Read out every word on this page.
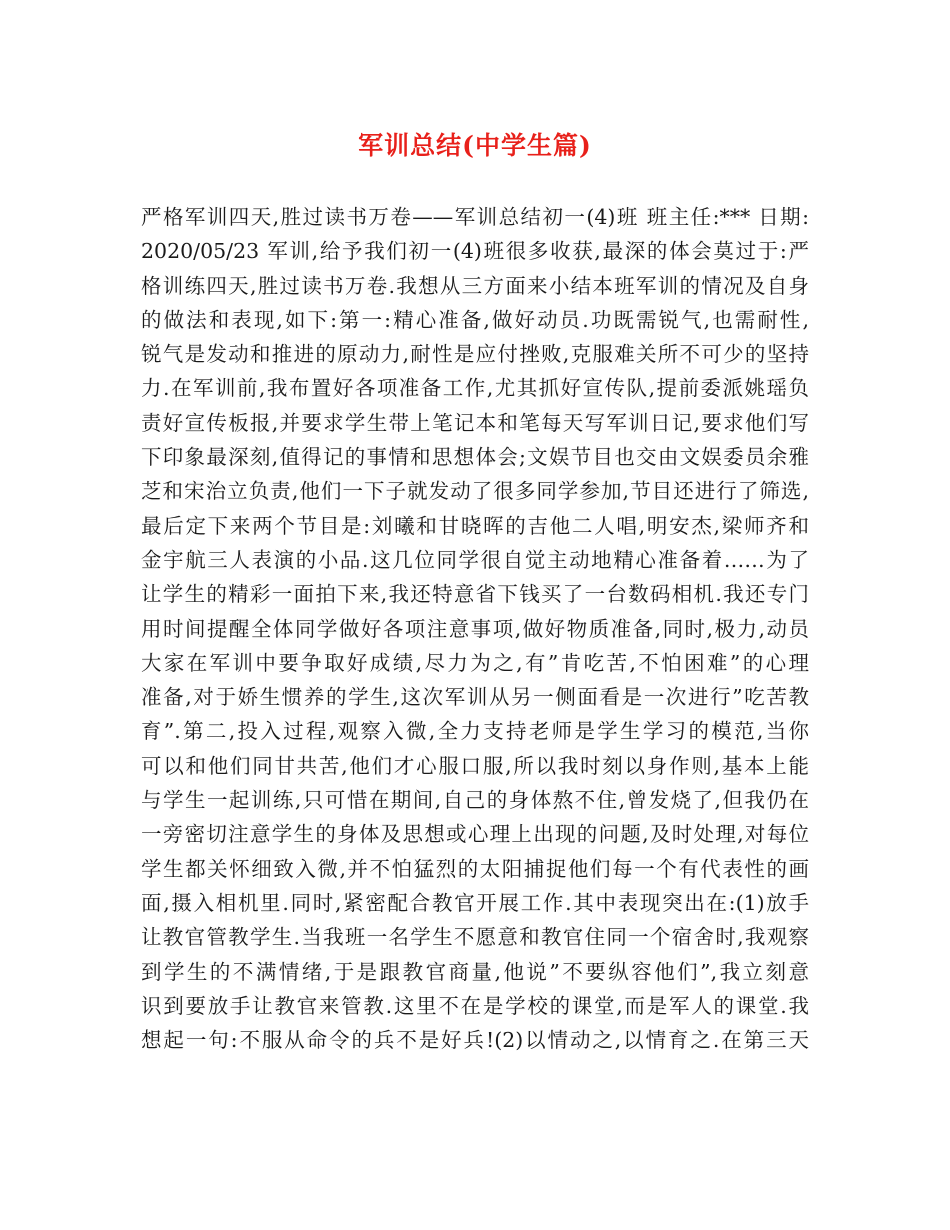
军训总结(中学生篇)
严格军训四天,胜过读书万卷——军训总结初一(4)班 班主任:*** 日期:
2020/05/23 军训,给予我们初一(4)班很多收获,最深的体会莫过于:严
格训练四天,胜过读书万卷.我想从三方面来小结本班军训的情况及自身
的做法和表现,如下:第一:精心准备,做好动员.功既需锐气,也需耐性,
锐气是发动和推进的原动力,耐性是应付挫败,克服难关所不可少的坚持
力.在军训前,我布置好各项准备工作,尤其抓好宣传队,提前委派姚瑶负
责好宣传板报,并要求学生带上笔记本和笔每天写军训日记,要求他们写
下印象最深刻,值得记的事情和思想体会;文娱节目也交由文娱委员余雅
芝和宋治立负责,他们一下子就发动了很多同学参加,节目还进行了筛选,
最后定下来两个节目是:刘曦和甘晓晖的吉他二人唱,明安杰,梁师齐和
金宇航三人表演的小品.这几位同学很自觉主动地精心准备着……为了
让学生的精彩一面拍下来,我还特意省下钱买了一台数码相机.我还专门
用时间提醒全体同学做好各项注意事项,做好物质准备,同时,极力,动员
大家在军训中要争取好成绩,尽力为之,有”肯吃苦,不怕困难”的心理
准备,对于娇生惯养的学生,这次军训从另一侧面看是一次进行”吃苦教
育”.第二,投入过程,观察入微,全力支持老师是学生学习的模范,当你
可以和他们同甘共苦,他们才心服口服,所以我时刻以身作则,基本上能
与学生一起训练,只可惜在期间,自己的身体熬不住,曾发烧了,但我仍在
一旁密切注意学生的身体及思想或心理上出现的问题,及时处理,对每位
学生都关怀细致入微,并不怕猛烈的太阳捕捉他们每一个有代表性的画
面,摄入相机里.同时,紧密配合教官开展工作.其中表现突出在:(1)放手
让教官管教学生.当我班一名学生不愿意和教官住同一个宿舍时,我观察
到学生的不满情绪,于是跟教官商量,他说”不要纵容他们”,我立刻意
识到要放手让教官来管教.这里不在是学校的课堂,而是军人的课堂.我
想起一句:不服从命令的兵不是好兵!(2)以情动之,以情育之.在第三天
